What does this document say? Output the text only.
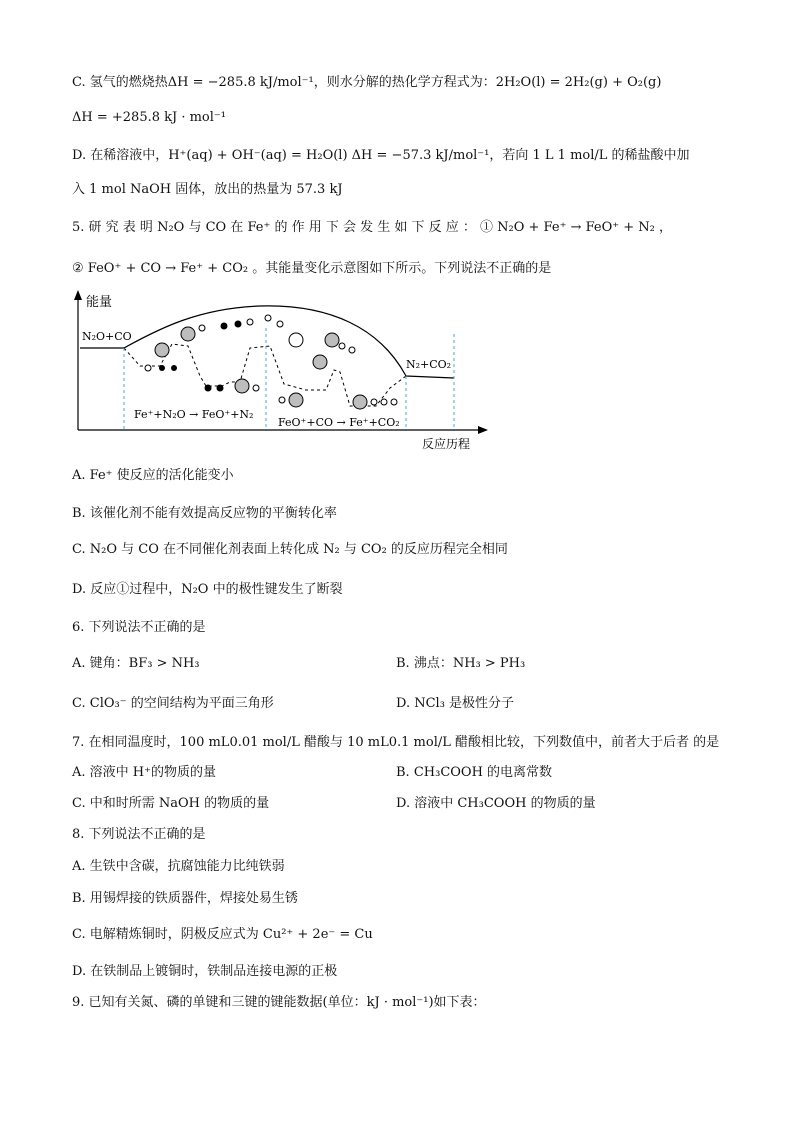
C. 氢气的燃烧热ΔH = −285.8 kJ/mol⁻¹，则水分解的热化学方程式为：2H₂O(l) = 2H₂(g) + O₂(g)
ΔH = +285.8 kJ · mol⁻¹
D. 在稀溶液中，H⁺(aq) + OH⁻(aq) = H₂O(l) ΔH = −57.3 kJ/mol⁻¹，若向 1 L 1 mol/L 的稀盐酸中加
入 1 mol NaOH 固体，放出的热量为 57.3 kJ
5. 研 究 表 明 N₂O 与 CO 在 Fe⁺ 的 作 用 下 会 发 生 如 下 反 应 ： ① N₂O + Fe⁺ → FeO⁺ + N₂ ，
② FeO⁺ + CO → Fe⁺ + CO₂ 。其能量变化示意图如下所示。下列说法不正确的是
能量
反应历程
N₂O+CO
N₂+CO₂
Fe⁺+N₂O → FeO⁺+N₂
FeO⁺+CO → Fe⁺+CO₂
A. Fe⁺ 使反应的活化能变小
B. 该催化剂不能有效提高反应物的平衡转化率
C. N₂O 与 CO 在不同催化剂表面上转化成 N₂ 与 CO₂ 的反应历程完全相同
D. 反应①过程中，N₂O 中的极性键发生了断裂
6. 下列说法不正确的是
A. 键角：BF₃ > NH₃	B. 沸点：NH₃ > PH₃
C. ClO₃⁻ 的空间结构为平面三角形	D. NCl₃ 是极性分子
7. 在相同温度时，100 mL0.01 mol/L 醋酸与 10 mL0.1 mol/L 醋酸相比较，下列数值中，前者大于后者 的是
A. 溶液中 H⁺的物质的量	B. CH₃COOH 的电离常数
C. 中和时所需 NaOH 的物质的量	D. 溶液中 CH₃COOH 的物质的量
8. 下列说法不正确的是
A. 生铁中含碳，抗腐蚀能力比纯铁弱
B. 用锡焊接的铁质器件，焊接处易生锈
C. 电解精炼铜时，阴极反应式为 Cu²⁺ + 2e⁻ = Cu
D. 在铁制品上镀铜时，铁制品连接电源的正极
9. 已知有关氮、磷的单键和三键的键能数据(单位：kJ · mol⁻¹)如下表：
